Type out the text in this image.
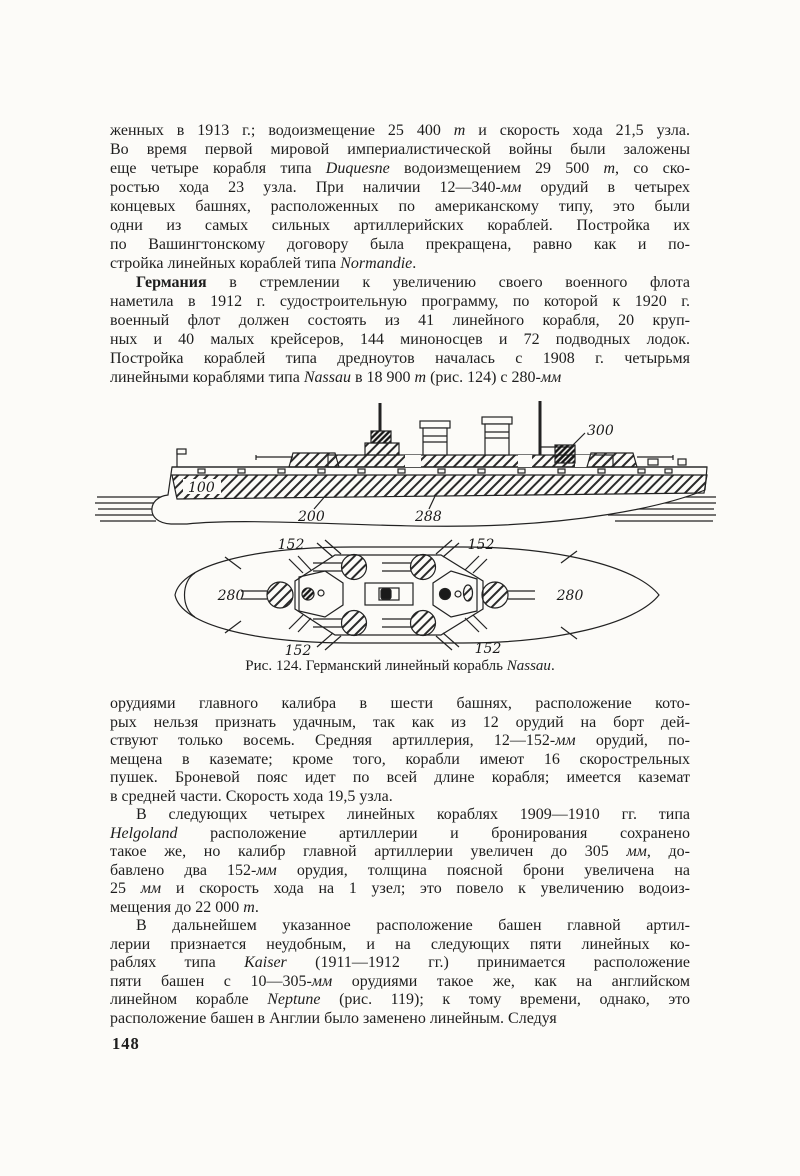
женных в 1913 г.; водоизмещение 25 400 т и скорость хода 21,5 узла.
Во время первой мировой империалистической войны были заложены
еще четыре корабля типа Duquesne водоизмещением 29 500 т, со ско-
ростью хода 23 узла. При наличии 12—340-мм орудий в четырех
концевых башнях, расположенных по американскому типу, это были
одни из самых сильных артиллерийских кораблей. Постройка их
по Вашингтонскому договору была прекращена, равно как и по-
стройка линейных кораблей типа Normandie.
Германия в стремлении к увеличению своего военного флота
наметила в 1912 г. судостроительную программу, по которой к 1920 г.
военный флот должен состоять из 41 линейного корабля, 20 круп-
ных и 40 малых крейсеров, 144 миноносцев и 72 подводных лодок.
Постройка кораблей типа дредноутов началась с 1908 г. четырьмя
линейными кораблями типа Nassau в 18 900 т (рис. 124) с 280-мм
300
100
200	288
280	280
152	152
152	152
Рис. 124. Германский линейный корабль Nassau.
орудиями главного калибра в шести башнях, расположение кото-
рых нельзя признать удачным, так как из 12 орудий на борт дей-
ствуют только восемь. Средняя артиллерия, 12—152-мм орудий, по-
мещена в каземате; кроме того, корабли имеют 16 скорострельных
пушек. Броневой пояс идет по всей длине корабля; имеется каземат
в средней части. Скорость хода 19,5 узла.
В следующих четырех линейных кораблях 1909—1910 гг. типа
Helgoland расположение артиллерии и бронирования сохранено
такое же, но калибр главной артиллерии увеличен до 305 мм, до-
бавлено два 152-мм орудия, толщина поясной брони увеличена на
25 мм и скорость хода на 1 узел; это повело к увеличению водоиз-
мещения до 22 000 т.
В дальнейшем указанное расположение башен главной артил-
лерии признается неудобным, и на следующих пяти линейных ко-
раблях типа Kaiser (1911—1912 гг.) принимается расположение
пяти башен с 10—305-мм орудиями такое же, как на английском
линейном корабле Neptune (рис. 119); к тому времени, однако, это
расположение башен в Англии было заменено линейным. Следуя
148
